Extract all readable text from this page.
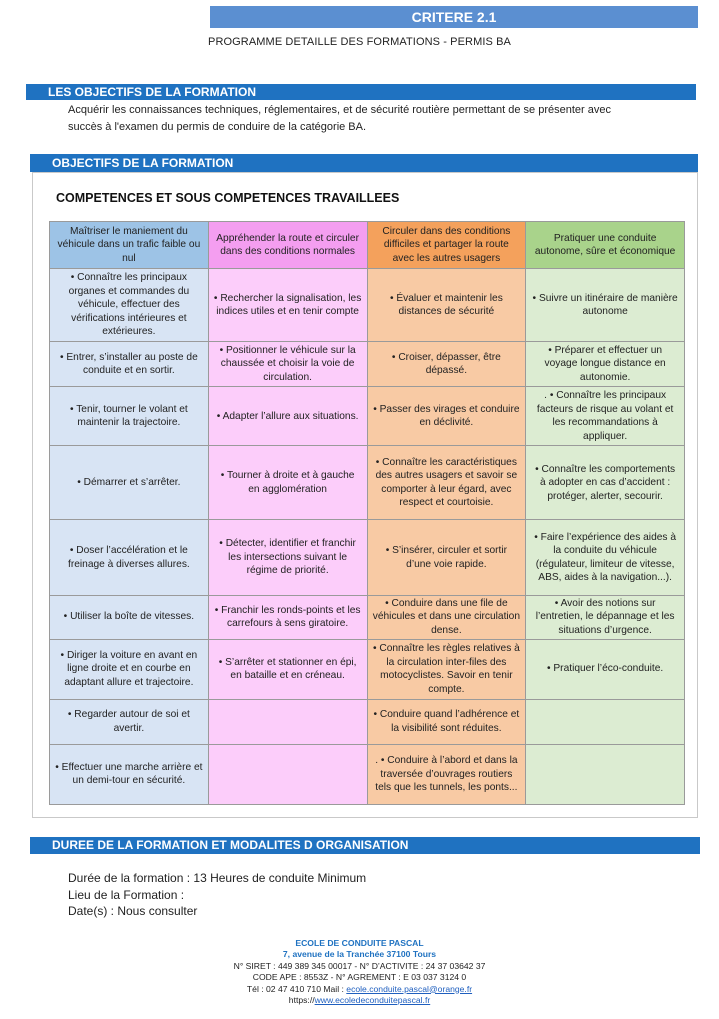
CRITERE 2.1
PROGRAMME DETAILLE DES FORMATIONS - PERMIS BA
LES OBJECTIFS DE LA FORMATION
Acquérir les connaissances techniques, réglementaires, et de sécurité routière permettant de se présenter avec
succès à l'examen du permis de conduire de la catégorie BA.
OBJECTIFS DE LA FORMATION
COMPETENCES ET SOUS COMPETENCES TRAVAILLEES
Maîtriser le maniement du véhicule dans un trafic faible ou nul	Appréhender la route et circuler dans des conditions normales	Circuler dans des conditions difficiles et partager la route avec les autres usagers	Pratiquer une conduite autonome, sûre et économique
• Connaître les principaux organes et commandes du véhicule, effectuer des vérifications intérieures et extérieures.	• Rechercher la signalisation, les indices utiles et en tenir compte	• Évaluer et maintenir les distances de sécurité	• Suivre un itinéraire de manière autonome
• Entrer, s’installer au poste de conduite et en sortir.	• Positionner le véhicule sur la chaussée et choisir la voie de circulation.	• Croiser, dépasser, être dépassé.	• Préparer et effectuer un voyage longue distance en autonomie.
• Tenir, tourner le volant et maintenir la trajectoire.	• Adapter l’allure aux situations.	• Passer des virages et conduire en déclivité.	. • Connaître les principaux facteurs de risque au volant et les recommandations à appliquer.
• Démarrer et s’arrêter.	• Tourner à droite et à gauche en agglomération	• Connaître les caractéristiques des autres usagers et savoir se comporter à leur égard, avec respect et courtoisie.	• Connaître les comportements à adopter en cas d’accident : protéger, alerter, secourir.
• Doser l’accélération et le freinage à diverses allures.	• Détecter, identifier et franchir les intersections suivant le régime de priorité.	• S’insérer, circuler et sortir d’une voie rapide.	• Faire l’expérience des aides à la conduite du véhicule (régulateur, limiteur de vitesse, ABS, aides à la navigation...).
• Utiliser la boîte de vitesses.	• Franchir les ronds-points et les carrefours à sens giratoire.	• Conduire dans une file de véhicules et dans une circulation dense.	• Avoir des notions sur l’entretien, le dépannage et les situations d’urgence.
• Diriger la voiture en avant en ligne droite et en courbe en adaptant allure et trajectoire.	• S’arrêter et stationner en épi, en bataille et en créneau.	• Connaître les règles relatives à la circulation inter-files des motocyclistes. Savoir en tenir compte.	• Pratiquer l’éco-conduite.
• Regarder autour de soi et avertir.		• Conduire quand l’adhérence et la visibilité sont réduites.	
• Effectuer une marche arrière et un demi-tour en sécurité.		. • Conduire à l’abord et dans la traversée d’ouvrages routiers tels que les tunnels, les ponts...	
DUREE DE LA FORMATION ET MODALITES D ORGANISATION
Durée de la formation : 13 Heures de conduite Minimum
Lieu de la Formation :
Date(s) : Nous consulter
ECOLE DE CONDUITE PASCAL
7, avenue de la Tranchée 37100 Tours
N° SIRET : 449 389 345 00017 - N° D’ACTIVITE : 24 37 03642 37
CODE APE : 8553Z - N° AGREMENT : E 03 037 3124 0
Tél : 02 47 410 710 Mail : ecole.conduite.pascal@orange.fr
https://www.ecoledeconduitepascal.fr
